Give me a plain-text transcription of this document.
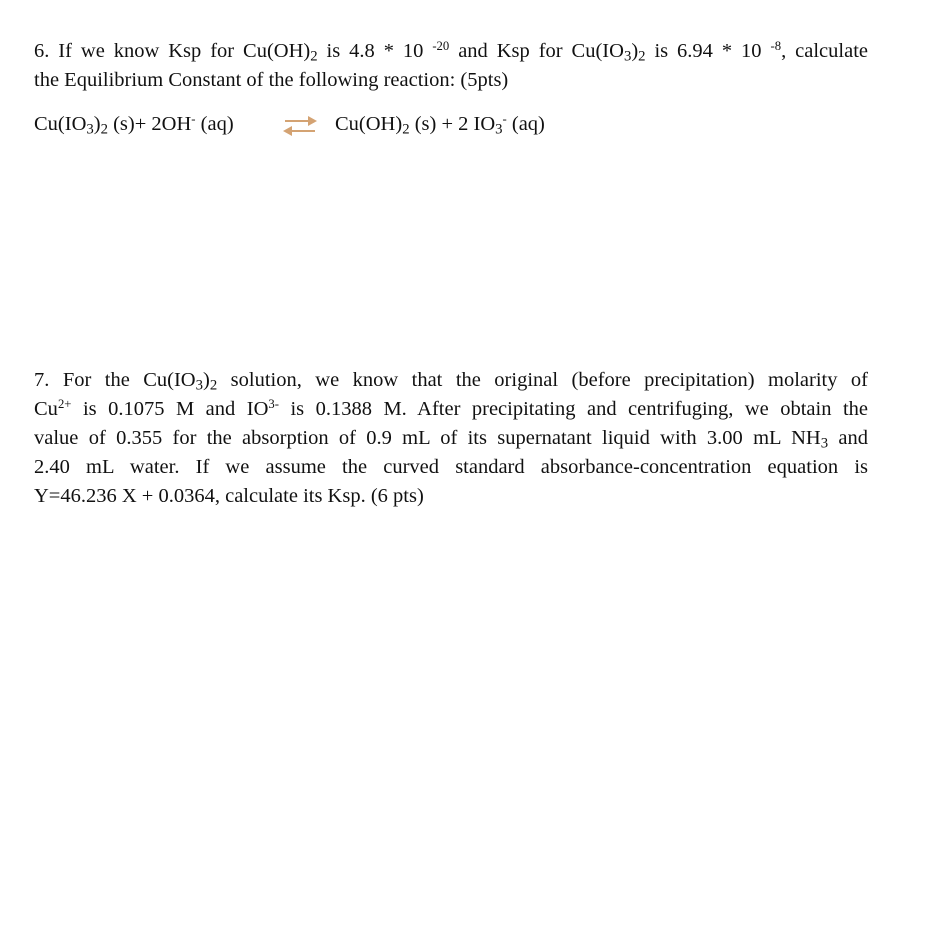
6. If we know Ksp for $Cu(OH)_2$ is 4.8 * 10 $^{-20}$ and Ksp for $Cu(IO_3)_2$ is 6.94 * 10 $^{-8}$, calculate
the Equilibrium Constant of the following reaction: (5pts)
$Cu(IO_3)_2$ (s)+ 2OH- (aq) ⇌ $Cu(OH)_2$ (s) + 2 $IO_3^-$ (aq)
7. For the $Cu(IO_3)_2$ solution, we know that the original (before precipitation) molarity of
$Cu^{2+}$ is 0.1075 M and $IO^{3-}$ is 0.1388 M. After precipitating and centrifuging, we obtain the
value of 0.355 for the absorption of 0.9 mL of its supernatant liquid with 3.00 mL $NH_3$ and
2.40 mL water. If we assume the curved standard absorbance-concentration equation is
Y=46.236 X + 0.0364, calculate its Ksp. (6 pts)
